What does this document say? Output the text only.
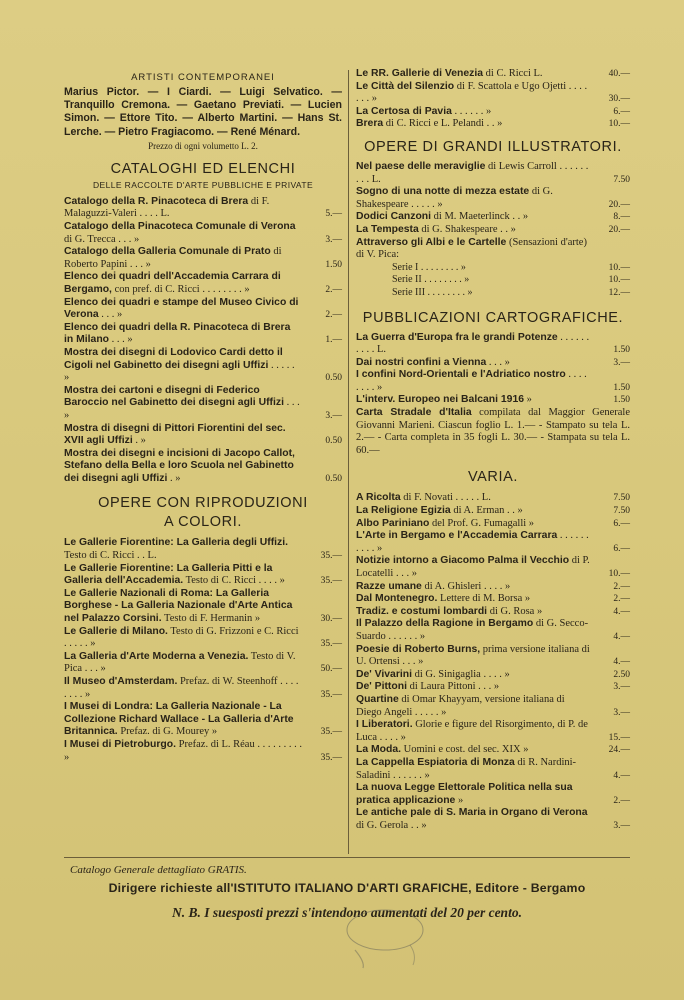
ARTISTI CONTEMPORANEI
Marius Pictor. — I Ciardi. — Luigi Selvatico. — Tranquillo Cremona. — Gaetano Previati. — Lucien Simon. — Ettore Tito. — Alberto Martini. — Hans St. Lerche. — Pietro Fragiacomo. — René Ménard.
Prezzo di ogni volumetto L. 2.
CATALOGHI ED ELENCHI
DELLE RACCOLTE D'ARTE PUBBLICHE E PRIVATE
Catalogo della R. Pinacoteca di Brera di F. Malaguzzi-Valeri . . . . L.	5.—
Catalogo della Pinacoteca Comunale di Verona di G. Trecca . . . »	3.—
Catalogo della Galleria Comunale di Prato di Roberto Papini . . . »	1.50
Elenco dei quadri dell'Accademia Carrara di Bergamo, con pref. di C. Ricci . . . . . . . . »	2.—
Elenco dei quadri e stampe del Museo Civico di Verona . . . »	2.—
Elenco dei quadri della R. Pinacoteca di Brera in Milano . . . »	1.—
Mostra dei disegni di Lodovico Cardi detto il Cigoli nel Gabinetto dei disegni agli Uffizi . . . . . »	0.50
Mostra dei cartoni e disegni di Federico Baroccio nel Gabinetto dei disegni agli Uffizi . . . »	3.—
Mostra di disegni di Pittori Fiorentini del sec. XVII agli Uffizi . »	0.50
Mostra dei disegni e incisioni di Jacopo Callot, Stefano della Bella e loro Scuola nel Gabinetto dei disegni agli Uffizi . »	0.50
OPERE CON RIPRODUZIONI
A COLORI.
Le Gallerie Fiorentine: La Galleria degli Uffizi. Testo di C. Ricci . . L.	35.—
Le Gallerie Fiorentine: La Galleria Pitti e la Galleria dell'Accademia. Testo di C. Ricci . . . . »	35.—
Le Gallerie Nazionali di Roma: La Galleria Borghese - La Galleria Nazionale d'Arte Antica nel Palazzo Corsini. Testo di F. Hermanin »	30.—
Le Gallerie di Milano. Testo di G. Frizzoni e C. Ricci . . . . . »	35.—
La Galleria d'Arte Moderna a Venezia. Testo di V. Pica . . . »	50.—
Il Museo d'Amsterdam. Prefaz. di W. Steenhoff . . . . . . . . »	35.—
I Musei di Londra: La Galleria Nazionale - La Collezione Richard Wallace - La Galleria d'Arte Britannica. Prefaz. di G. Mourey »	35.—
I Musei di Pietroburgo. Prefaz. di L. Réau . . . . . . . . . »	35.—
Le RR. Gallerie di Venezia di C. Ricci L.	40.—
Le Città del Silenzio di F. Scattola e Ugo Ojetti . . . . . . . »	30.—
La Certosa di Pavia . . . . . . »	6.—
Brera di C. Ricci e L. Pelandi . . »	10.—
OPERE DI GRANDI ILLUSTRATORI.
Nel paese delle meraviglie di Lewis Carroll . . . . . . . . . L.	7.50
Sogno di una notte di mezza estate di G. Shakespeare . . . . . »	20.—
Dodici Canzoni di M. Maeterlinck . . »	8.—
La Tempesta di G. Shakespeare . . »	20.—
Attraverso gli Albi e le Cartelle (Sensazioni d'arte) di V. Pica:
Serie I . . . . . . . . »	10.—
Serie II . . . . . . . . »	10.—
Serie III . . . . . . . . »	12.—
PUBBLICAZIONI CARTOGRAFICHE.
La Guerra d'Europa fra le grandi Potenze . . . . . . . . . . L.	1.50
Dai nostri confini a Vienna . . . »	3.—
I confini Nord-Orientali e l'Adriatico nostro . . . . . . . . »	1.50
L'interv. Europeo nei Balcani 1916 »	1.50
Carta Stradale d'Italia compilata dal Maggior Generale Giovanni Marieni. Ciascun foglio L. 1.— - Stampato su tela L. 2.— - Carta completa in 35 fogli L. 30.— - Stampata su tela L. 60.—
VARIA.
A Ricolta di F. Novati . . . . . L.	7.50
La Religione Egizia di A. Erman . . »	7.50
Albo Pariniano del Prof. G. Fumagalli »	6.—
L'Arte in Bergamo e l'Accademia Carrara . . . . . . . . . . »	6.—
Notizie intorno a Giacomo Palma il Vecchio di P. Locatelli . . . »	10.—
Razze umane di A. Ghisleri . . . . »	2.—
Dal Montenegro. Lettere di M. Borsa »	2.—
Tradiz. e costumi lombardi di G. Rosa »	4.—
Il Palazzo della Ragione in Bergamo di G. Secco-Suardo . . . . . . »	4.—
Poesie di Roberto Burns, prima versione italiana di U. Ortensi . . . »	4.—
De' Vivarini di G. Sinigaglia . . . . »	2.50
De' Pittoni di Laura Pittoni . . . »	3.—
Quartine di Omar Khayyam, versione italiana di Diego Angeli . . . . . »	3.—
I Liberatori. Glorie e figure del Risorgimento, di P. de Luca . . . . »	15.—
La Moda. Uomini e cost. del sec. XIX »	24.—
La Cappella Espiatoria di Monza di R. Nardini-Saladini . . . . . . »	4.—
La nuova Legge Elettorale Politica nella sua pratica applicazione »	2.—
Le antiche pale di S. Maria in Organo di Verona di G. Gerola . . »	3.—
Catalogo Generale dettagliato GRATIS.
Dirigere richieste all'ISTITUTO ITALIANO D'ARTI GRAFICHE, Editore - Bergamo
N. B. I suesposti prezzi s'intendono aumentati del 20 per cento.
